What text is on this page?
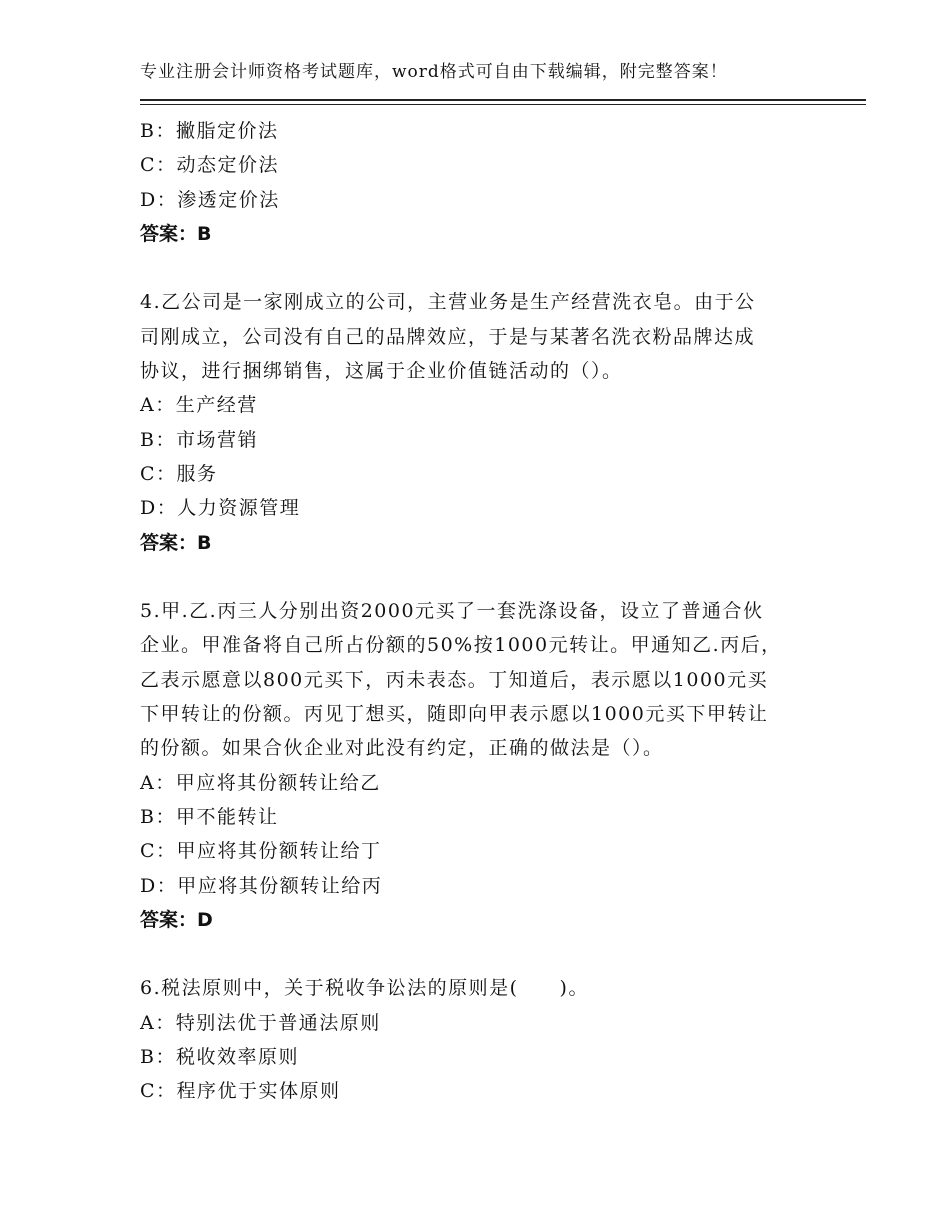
专业注册会计师资格考试题库，word格式可自由下载编辑，附完整答案！
B：撇脂定价法
C：动态定价法
D：渗透定价法
答案：B
4.乙公司是一家刚成立的公司，主营业务是生产经营洗衣皂。由于公
司刚成立，公司没有自己的品牌效应，于是与某著名洗衣粉品牌达成
协议，进行捆绑销售，这属于企业价值链活动的（）。
A：生产经营
B：市场营销
C：服务
D：人力资源管理
答案：B
5.甲.乙.丙三人分别出资2000元买了一套洗涤设备，设立了普通合伙
企业。甲准备将自己所占份额的50%按1000元转让。甲通知乙.丙后，
乙表示愿意以800元买下，丙未表态。丁知道后，表示愿以1000元买
下甲转让的份额。丙见丁想买，随即向甲表示愿以1000元买下甲转让
的份额。如果合伙企业对此没有约定，正确的做法是（）。
A：甲应将其份额转让给乙
B：甲不能转让
C：甲应将其份额转让给丁
D：甲应将其份额转让给丙
答案：D
6.税法原则中，关于税收争讼法的原则是(　　)。
A：特别法优于普通法原则
B：税收效率原则
C：程序优于实体原则
